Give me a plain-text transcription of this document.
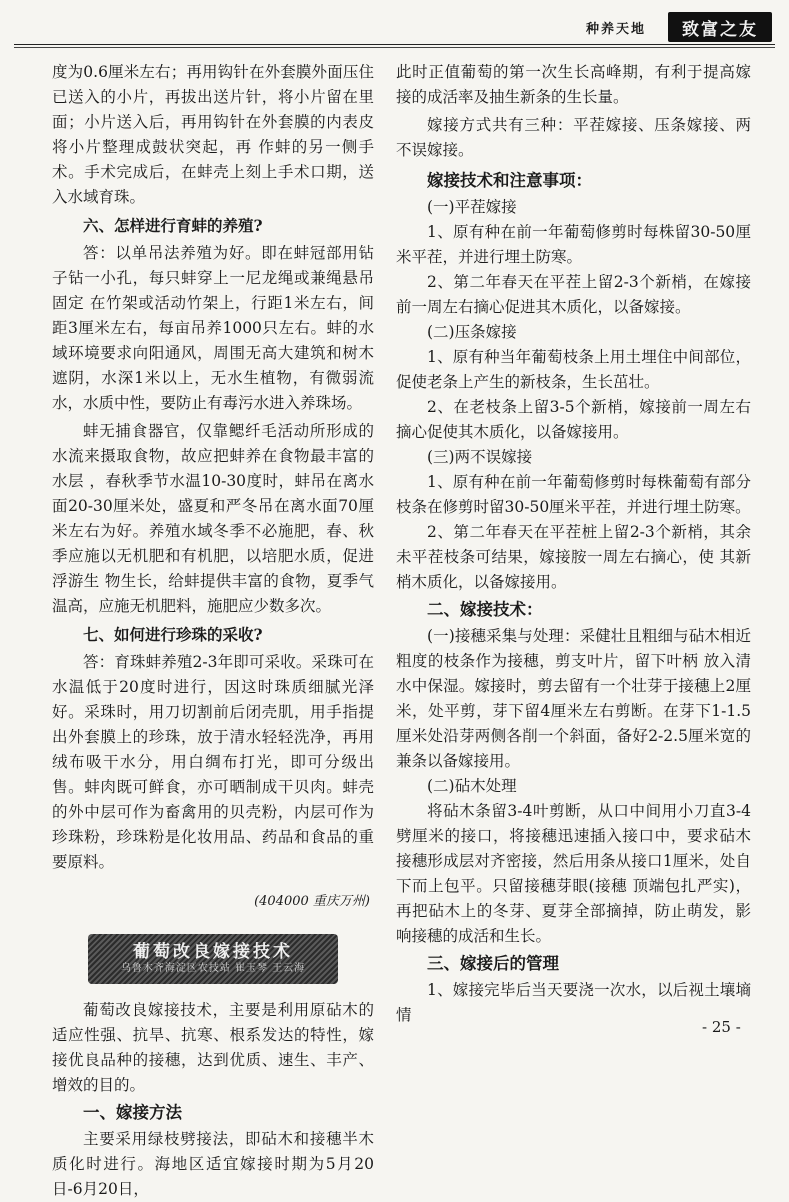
种养天地	致富之友

度为0.6厘米左右；再用钩针在外套膜外面压住已送入的小片，再拔出送片针，将小片留在里面；小片送入后，再用钩针在外套膜的内表皮将小片整理成鼓状突起，再 作蚌的另一侧手术。手术完成后，在蚌壳上刻上手术口期，送入水域育珠。

六、怎样进行育蚌的养殖?

答：以单吊法养殖为好。即在蚌冠部用钻子钻一小孔，每只蚌穿上一尼龙绳或兼绳悬吊固定 在竹架或活动竹架上，行距1米左右，间距3厘米左右，每亩吊养1000只左右。蚌的水域环境要求向阳通风，周围无高大建筑和树木遮阴，水深1米以上，无水生植物，有微弱流水，水质中性，要防止有毒污水进入养珠场。

蚌无捕食器官，仅靠鳃纤毛活动所形成的水流来摄取食物，故应把蚌养在食物最丰富的水层 ，春秋季节水温10-30度时，蚌吊在离水面20-30厘米处，盛夏和严冬吊在离水面70厘米左右为好。养殖水域冬季不必施肥，春、秋季应施以无机肥和有机肥，以培肥水质，促进浮游生 物生长，给蚌提供丰富的食物，夏季气温高，应施无机肥料，施肥应少数多次。

七、如何进行珍珠的采收?

答：育珠蚌养殖2-3年即可采收。采珠可在水温低于20度时进行，因这时珠质细腻光泽好。采珠时，用刀切割前后闭壳肌，用手指提出外套膜上的珍珠，放于清水轻轻洗净，再用绒布吸干水分，用白绸布打光，即可分级出售。蚌肉既可鲜食，亦可晒制成干贝肉。蚌壳的外中层可作为畜禽用的贝壳粉，内层可作为珍珠粉，珍珠粉是化妆用品、药品和食品的重要原料。

(404000 重庆万州)
葡萄改良嫁接技术
乌鲁木齐海淀区农技站 崔玉琴 王云海

葡萄改良嫁接技术，主要是利用原砧木的适应性强、抗旱、抗寒、根系发达的特性，嫁接优良品种的接穗，达到优质、速生、丰产、增效的目的。

一、嫁接方法

主要采用绿枝劈接法，即砧木和接穗半木质化时进行。海地区适宜嫁接时期为5月20日-6月20日，

此时正值葡萄的第一次生长高峰期，有利于提高嫁接的成活率及抽生新条的生长量。

嫁接方式共有三种：平茬嫁接、压条嫁接、两不误嫁接。

嫁接技术和注意事项：

(一)平茬嫁接

1、原有种在前一年葡萄修剪时每株留30-50厘米平茬，并进行埋土防寒。

2、第二年春天在平茬上留2-3个新梢，在嫁接前一周左右摘心促进其木质化，以备嫁接。

(二)压条嫁接

1、原有种当年葡萄枝条上用土埋住中间部位，促使老条上产生的新枝条，生长茁壮。

2、在老枝条上留3-5个新梢，嫁接前一周左右摘心促使其木质化，以备嫁接用。

(三)两不误嫁接

1、原有种在前一年葡萄修剪时每株葡萄有部分枝条在修剪时留30-50厘米平茬，并进行埋土防寒。

2、第二年春天在平茬桩上留2-3个新梢，其余未平茬枝条可结果，嫁接胺一周左右摘心，使 其新梢木质化，以备嫁接用。

二、嫁接技术：

(一)接穗采集与处理：采健壮且粗细与砧木相近粗度的枝条作为接穗，剪支叶片，留下叶柄 放入清水中保湿。嫁接时，剪去留有一个壮芽于接穗上2厘米，处平剪，芽下留4厘米左右剪断。在芽下1-1.5厘米处沿芽两侧各削一个斜面，备好2-2.5厘米宽的兼条以备嫁接用。

(二)砧木处理

将砧木条留3-4叶剪断，从口中间用小刀直3-4劈厘米的接口，将接穗迅速插入接口中，要求砧木接穗形成层对齐密接，然后用条从接口1厘米，处自下而上包平。只留接穗芽眼(接穗 顶端包扎严实)，再把砧木上的冬芽、夏芽全部摘掉，防止萌发，影响接穗的成活和生长。

三、嫁接后的管理

1、嫁接完毕后当天要浇一次水，以后视土壤墒情

- 25 -
